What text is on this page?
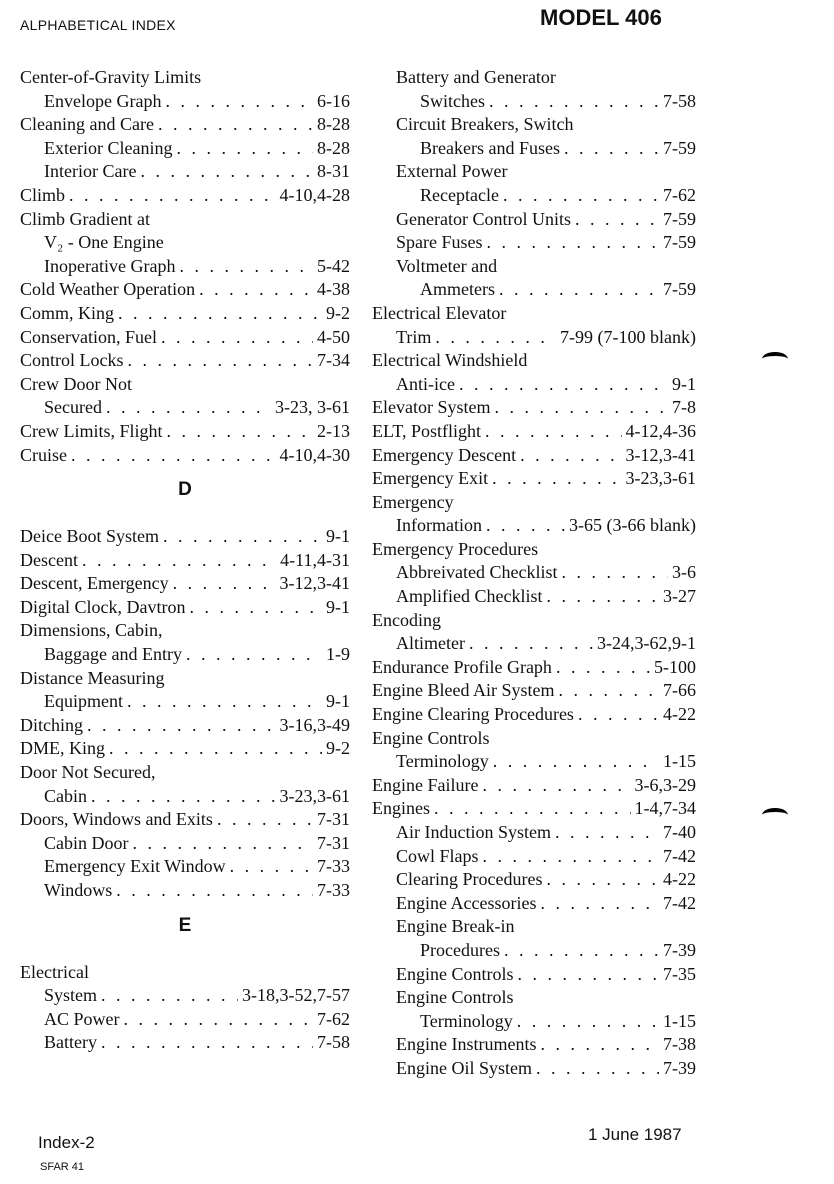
ALPHABETICAL INDEX	MODEL 406
Center-of-Gravity Limits
Envelope Graph . . .	6-16
Cleaning and Care . . .	8-28
Exterior Cleaning . . .	8-28
Interior Care . . .	8-31
Climb . . .	4-10,4-28
Climb Gradient at
V₂ - One Engine
Inoperative Graph . . .	5-42
Cold Weather Operation . . .	4-38
Comm, King . . .	9-2
Conservation, Fuel . . .	4-50
Control Locks . . .	7-34
Crew Door Not
Secured . . .	3-23, 3-61
Crew Limits, Flight . . .	2-13
Cruise . . .	4-10,4-30
D
Deice Boot System . . .	9-1
Descent . . .	4-11,4-31
Descent, Emergency . . .	3-12,3-41
Digital Clock, Davtron . . .	9-1
Dimensions, Cabin,
Baggage and Entry . . .	1-9
Distance Measuring
Equipment . . .	9-1
Ditching . . .	3-16,3-49
DME, King . . .	9-2
Door Not Secured,
Cabin . . .	3-23,3-61
Doors, Windows and Exits . . .	7-31
Cabin Door . . .	7-31
Emergency Exit Window . . .	7-33
Windows . . .	7-33
E
Electrical
System . . .	3-18,3-52,7-57
AC Power . . .	7-62
Battery . . .	7-58
Battery and Generator
Switches . . .	7-58
Circuit Breakers, Switch
Breakers and Fuses . . .	7-59
External Power
Receptacle . . .	7-62
Generator Control Units . . .	7-59
Spare Fuses . . .	7-59
Voltmeter and
Ammeters . . .	7-59
Electrical Elevator
Trim . . .	7-99 (7-100 blank)
Electrical Windshield
Anti-ice . . .	9-1
Elevator System . . .	7-8
ELT, Postflight . . .	4-12,4-36
Emergency Descent . . .	3-12,3-41
Emergency Exit . . .	3-23,3-61
Emergency
Information . . .	3-65 (3-66 blank)
Emergency Procedures
Abbreivated Checklist . . .	3-6
Amplified Checklist . . .	3-27
Encoding
Altimeter . . .	3-24,3-62,9-1
Endurance Profile Graph . . .	5-100
Engine Bleed Air System . . .	7-66
Engine Clearing Procedures . . .	4-22
Engine Controls
Terminology . . .	1-15
Engine Failure . . .	3-6,3-29
Engines . . .	1-4,7-34
Air Induction System . . .	7-40
Cowl Flaps . . .	7-42
Clearing Procedures . . .	4-22
Engine Accessories . . .	7-42
Engine Break-in
Procedures . . .	7-39
Engine Controls . . .	7-35
Engine Controls
Terminology . . .	1-15
Engine Instruments . . .	7-38
Engine Oil System . . .	7-39
Index-2	1 June 1987
SFAR 41
